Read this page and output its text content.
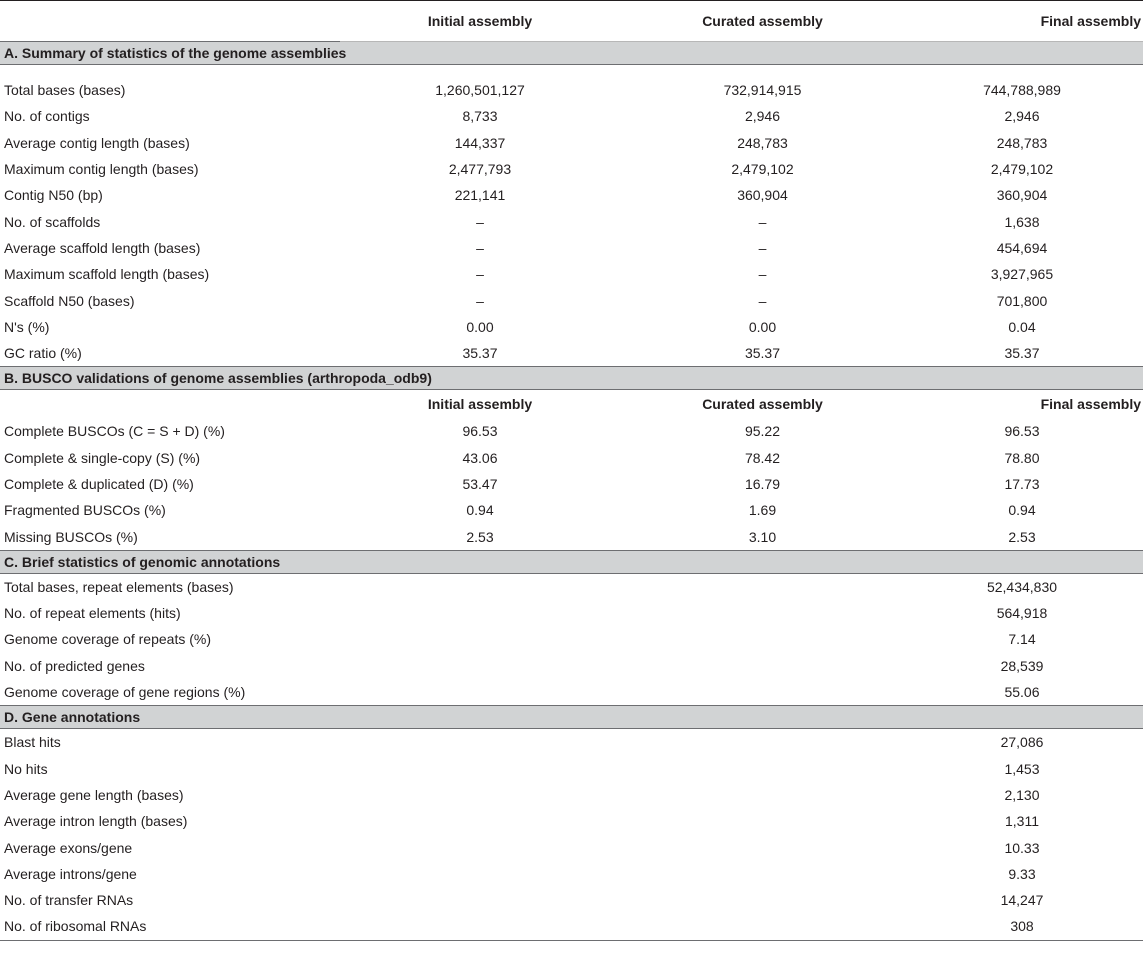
	Initial assembly	Curated assembly	Final assembly
A. Summary of statistics of the genome assemblies			

Total bases (bases)	1,260,501,127	732,914,915	744,788,989
No. of contigs	8,733	2,946	2,946
Average contig length (bases)	144,337	248,783	248,783
Maximum contig length (bases)	2,477,793	2,479,102	2,479,102
Contig N50 (bp)	221,141	360,904	360,904
No. of scaffolds	–	–	1,638
Average scaffold length (bases)	–	–	454,694
Maximum scaffold length (bases)	–	–	3,927,965
Scaffold N50 (bases)	–	–	701,800
N's (%)	0.00	0.00	0.04
GC ratio (%)	35.37	35.37	35.37
B. BUSCO validations of genome assemblies (arthropoda_odb9)			
	Initial assembly	Curated assembly	Final assembly
Complete BUSCOs (C = S + D) (%)	96.53	95.22	96.53
Complete & single-copy (S) (%)	43.06	78.42	78.80
Complete & duplicated (D) (%)	53.47	16.79	17.73
Fragmented BUSCOs (%)	0.94	1.69	0.94
Missing BUSCOs (%)	2.53	3.10	2.53
C. Brief statistics of genomic annotations			
Total bases, repeat elements (bases)			52,434,830
No. of repeat elements (hits)			564,918
Genome coverage of repeats (%)			7.14
No. of predicted genes			28,539
Genome coverage of gene regions (%)			55.06
D. Gene annotations			
Blast hits			27,086
No hits			1,453
Average gene length (bases)			2,130
Average intron length (bases)			1,311
Average exons/gene			10.33
Average introns/gene			9.33
No. of transfer RNAs			14,247
No. of ribosomal RNAs			308
